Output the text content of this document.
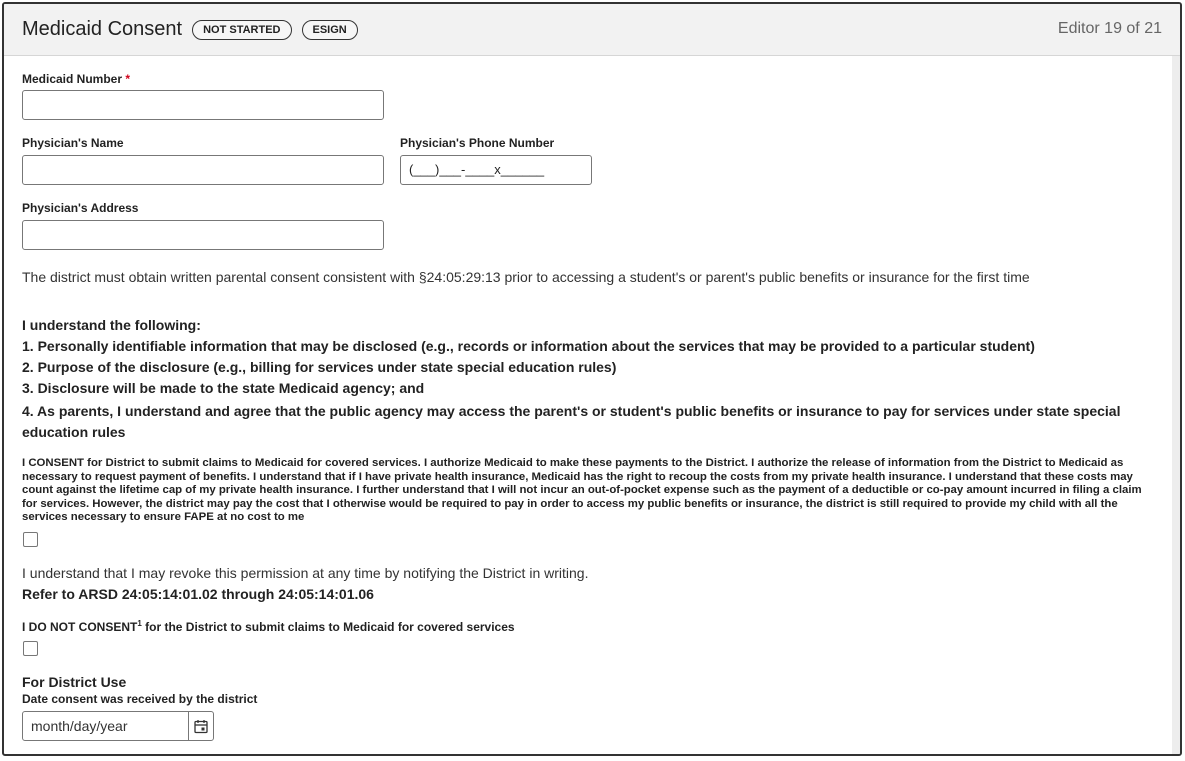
Medicaid Consent	NOT STARTED	ESIGN	Editor 19 of 21
Medicaid Number *
Physician's Name	Physician's Phone Number
(___)___-____x______
Physician's Address
The district must obtain written parental consent consistent with §24:05:29:13 prior to accessing a student's or parent's public benefits or insurance for the first time
I understand the following:
1. Personally identifiable information that may be disclosed (e.g., records or information about the services that may be provided to a particular student)
2. Purpose of the disclosure (e.g., billing for services under state special education rules)
3. Disclosure will be made to the state Medicaid agency; and
4. As parents, I understand and agree that the public agency may access the parent's or student's public benefits or insurance to pay for services under state special education rules
I CONSENT for District to submit claims to Medicaid for covered services. I authorize Medicaid to make these payments to the District. I authorize the release of information from the District to Medicaid as necessary to request payment of benefits. I understand that if I have private health insurance, Medicaid has the right to recoup the costs from my private health insurance. I understand that these costs may count against the lifetime cap of my private health insurance. I further understand that I will not incur an out-of-pocket expense such as the payment of a deductible or co-pay amount incurred in filing a claim for services. However, the district may pay the cost that I otherwise would be required to pay in order to access my public benefits or insurance, the district is still required to provide my child with all the services necessary to ensure FAPE at no cost to me
I understand that I may revoke this permission at any time by notifying the District in writing.
Refer to ARSD 24:05:14:01.02 through 24:05:14:01.06
I DO NOT CONSENT$^1$ for the District to submit claims to Medicaid for covered services
For District Use
Date consent was received by the district
month/day/year
